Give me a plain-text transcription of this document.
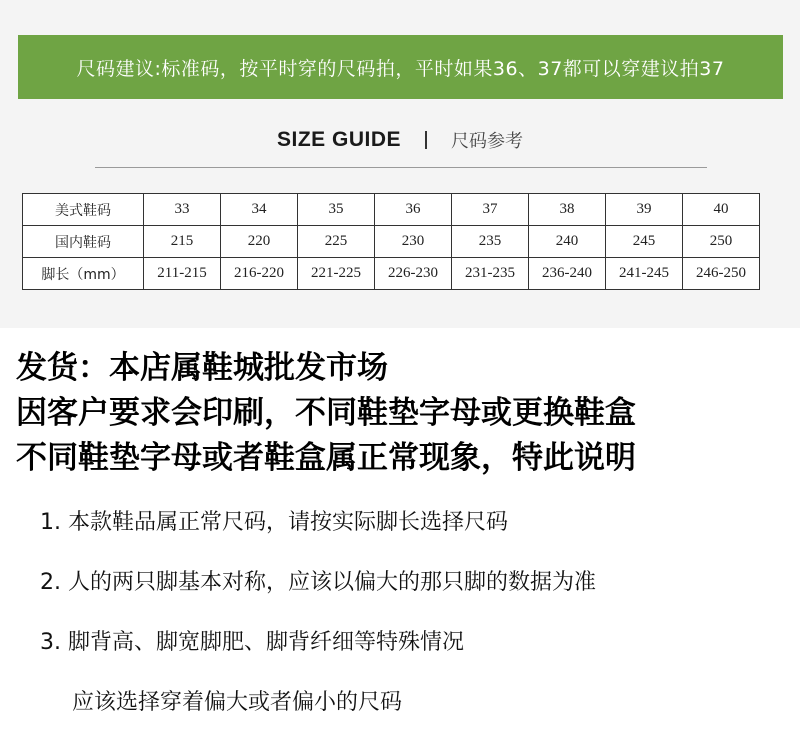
尺码建议:标准码，按平时穿的尺码拍，平时如果36、37都可以穿建议拍37
SIZE GUIDE	尺码参考
美式鞋码	33	34	35	36	37	38	39	40
国内鞋码	215	220	225	230	235	240	245	250
脚长（mm）	211-215	216-220	221-225	226-230	231-235	236-240	241-245	246-250
发货：本店属鞋城批发市场
因客户要求会印刷，不同鞋垫字母或更换鞋盒
不同鞋垫字母或者鞋盒属正常现象，特此说明
1. 本款鞋品属正常尺码，请按实际脚长选择尺码
2. 人的两只脚基本对称，应该以偏大的那只脚的数据为准
3. 脚背高、脚宽脚肥、脚背纤细等特殊情况
应该选择穿着偏大或者偏小的尺码
